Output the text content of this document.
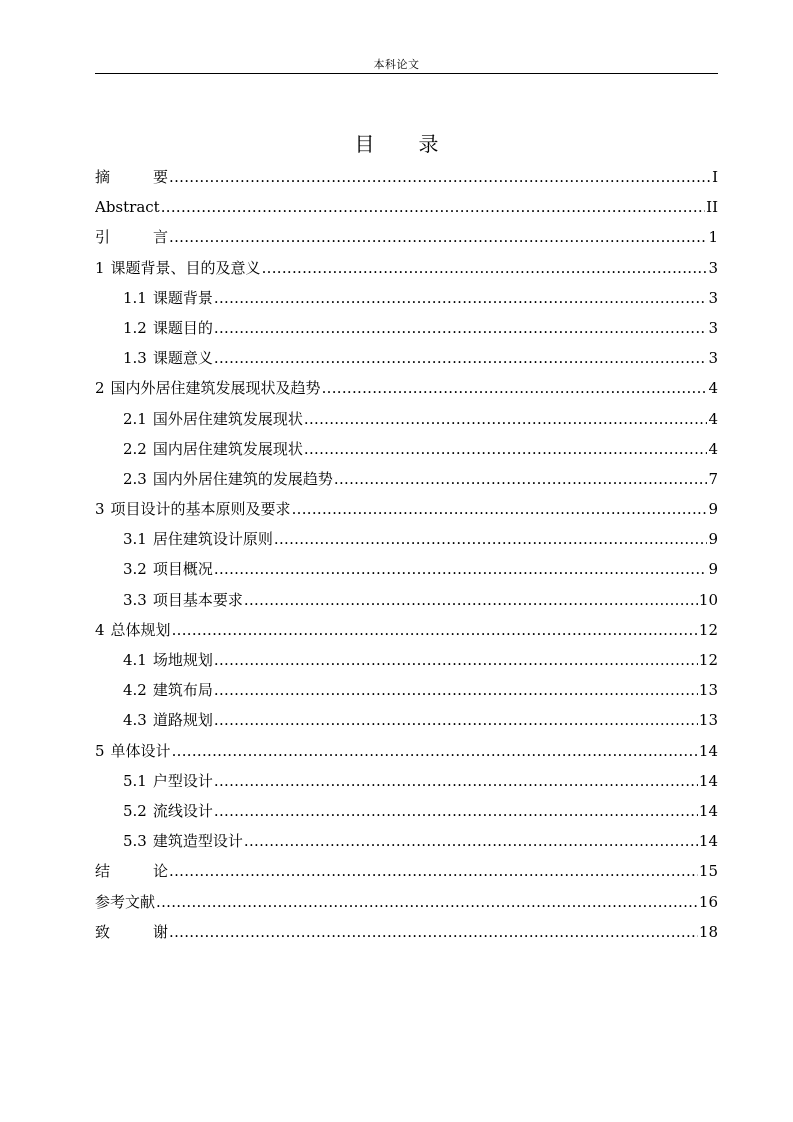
本科论文
目 录
摘	要 .....	I
Abstract .....	II
引	言 .....	1
1 课题背景、目的及意义 .....	3
1.1 课题背景 .....	3
1.2 课题目的 .....	3
1.3 课题意义 .....	3
2 国内外居住建筑发展现状及趋势 .....	4
2.1 国外居住建筑发展现状 .....	4
2.2 国内居住建筑发展现状 .....	4
2.3 国内外居住建筑的发展趋势 .....	7
3 项目设计的基本原则及要求 .....	9
3.1 居住建筑设计原则 .....	9
3.2 项目概况 .....	9
3.3 项目基本要求 .....	10
4 总体规划 .....	12
4.1 场地规划 .....	12
4.2 建筑布局 .....	13
4.3 道路规划 .....	13
5 单体设计 .....	14
5.1 户型设计 .....	14
5.2 流线设计 .....	14
5.3 建筑造型设计 .....	14
结	论 .....	15
参考文献 .....	16
致	谢 .....	18
